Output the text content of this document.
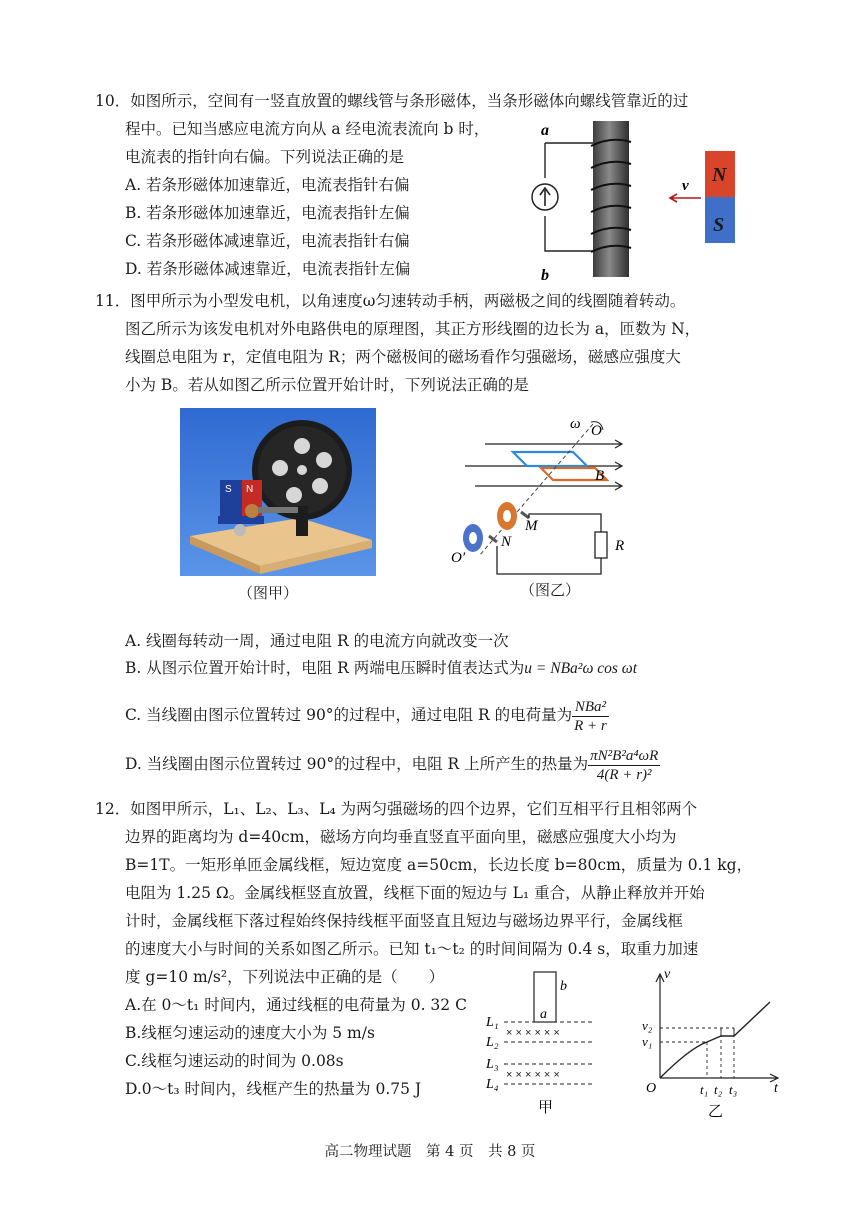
10．如图所示，空间有一竖直放置的螺线管与条形磁体，当条形磁体向螺线管靠近的过
程中。已知当感应电流方向从 a 经电流表流向 b 时，
电流表的指针向右偏。下列说法正确的是
A. 若条形磁体加速靠近，电流表指针右偏
B. 若条形磁体加速靠近，电流表指针左偏
C. 若条形磁体减速靠近，电流表指针右偏
D. 若条形磁体减速靠近，电流表指针左偏
a
b
N
S
v
11．图甲所示为小型发电机，以角速度ω匀速转动手柄，两磁极之间的线圈随着转动。
图乙所示为该发电机对外电路供电的原理图，其正方形线圈的边长为 a，匝数为 N，
线圈总电阻为 r，定值电阻为 R；两个磁极间的磁场看作匀强磁场，磁感应强度大
小为 B。若从如图乙所示位置开始计时，下列说法正确的是
S N
（图甲）
ω O
B
M
N
O′
R
（图乙）
A. 线圈每转动一周，通过电阻 R 的电流方向就改变一次
B. 从图示位置开始计时，电阻 R 两端电压瞬时值表达式为u = NBa²ω cos ωt
C. 当线圈由图示位置转过 90°的过程中，通过电阻 R 的电荷量为 $\frac{\text{NBa²}}{R + r}$
D. 当线圈由图示位置转过 90°的过程中，电阻 R 上所产生的热量为 $\frac{\text{πN²B²a⁴ωR}}{\text{4(R + r)²}}$
12．如图甲所示，L₁、L₂、L₃、L₄ 为两匀强磁场的四个边界，它们互相平行且相邻两个
边界的距离均为 d=40cm，磁场方向均垂直竖直平面向里，磁感应强度大小均为
B=1T。一矩形单匝金属线框，短边宽度 a=50cm，长边长度 b=80cm，质量为 0.1 kg，
电阻为 1.25 Ω。金属线框竖直放置，线框下面的短边与 L₁ 重合，从静止释放并开始
计时，金属线框下落过程始终保持线框平面竖直且短边与磁场边界平行，金属线框
的速度大小与时间的关系如图乙所示。已知 t₁～t₂ 的时间间隔为 0.4 s，取重力加速
度 g=10 m/s²，下列说法中正确的是（　　）
A.在 0～t₁ 时间内，通过线框的电荷量为 0. 32 C
B.线框匀速运动的速度大小为 5 m/s
C.线框匀速运动的时间为 0.08s
D.0～t₃ 时间内，线框产生的热量为 0.75 J
b
a
× × × × × ×
× × × × × ×
L₁
L₂
L₃
L₄
甲
v
v₁
v₂
O	t₁ t₂ t₃	t
乙
高二物理试题　第 4 页　共 8 页
